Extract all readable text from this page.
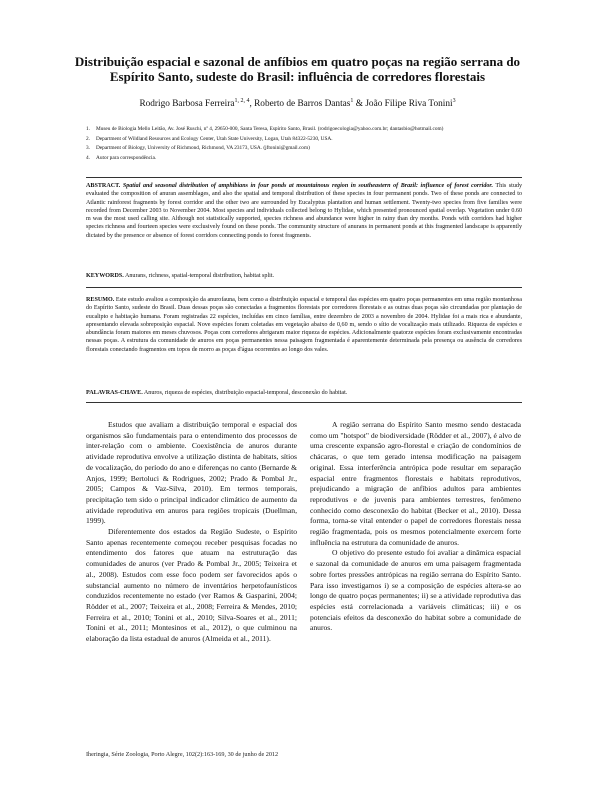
Distribuição espacial e sazonal de anfíbios em quatro poças na região serrana do Espírito Santo, sudeste do Brasil: influência de corredores florestais
Rodrigo Barbosa Ferreira$^{1, 2, 4}$, Roberto de Barros Dantas$^1$ & João Filipe Riva Tonini$^3$
1. Museu de Biologia Mello Leitão, Av. José Ruschi, nº 4, 29650-000, Santa Teresa, Espírito Santo, Brasil. (rodrigoecologia@yahoo.com.br; dantasbio@hotmail.com)
2. Department of Wildland Resources and Ecology Center, Utah State University, Logan, Utah 84322-5230, USA.
3. Department of Biology, University of Richmond, Richmond, VA 23173, USA. (jftonini@gmail.com)
4. Autor para correspondência.
ABSTRACT. Spatial and seasonal distribution of amphibians in four ponds at mountainous region in southeastern of Brazil: influence of forest corridor. This study evaluated the composition of anuran assemblages, and also the spatial and temporal distribution of these species in four permanent ponds. Two of these ponds are connected to Atlantic rainforest fragments by forest corridor and the other two are surrounded by Eucalyptus plantation and human settlement. Twenty-two species from five families were recorded from December 2003 to November 2004. Most species and individuals collected belong to Hylidae, which presented pronounced spatial overlap. Vegetation under 0.60 m was the most used calling site. Although not statistically supported, species richness and abundance were higher in rainy than dry months. Ponds with corridors had higher species richness and fourteen species were exclusively found on these ponds. The community structure of anurans in permanent ponds at this fragmented landscape is apparently dictated by the presence or absence of forest corridors connecting ponds to forest fragments.
KEYWORDS. Anurans, richness, spatial-temporal distribution, habitat split.
RESUMO. Este estudo avaliou a composição da anurofauna, bem como a distribuição espacial e temporal das espécies em quatro poças permanentes em uma região montanhosa do Espírito Santo, sudeste do Brasil. Duas dessas poças são conectadas a fragmentos florestais por corredores florestais e as outras duas poças são circundadas por plantação de eucalipto e habitação humana. Foram registradas 22 espécies, incluídas em cinco famílias, entre dezembro de 2003 a novembro de 2004. Hylidae foi a mais rica e abundante, apresentando elevada sobreposição espacial. Nove espécies foram coletadas em vegetação abaixo de 0,60 m, sendo o sítio de vocalização mais utilizado. Riqueza de espécies e abundância foram maiores em meses chuvosos. Poças com corredores abrigaram maior riqueza de espécies. Adicionalmente quatorze espécies foram exclusivamente encontradas nessas poças. A estrutura da comunidade de anuros em poças permanentes nessa paisagem fragmentada é aparentemente determinada pela presença ou ausência de corredores florestais conectando fragmentos em topos de morro as poças d'água ocorrentes ao longo dos vales.
PALAVRAS-CHAVE. Anuros, riqueza de espécies, distribuição espacial-temporal, desconexão do habitat.

Estudos que avaliam a distribuição temporal e espacial dos organismos são fundamentais para o entendimento dos processos de inter-relação com o ambiente. Coexistência de anuros durante atividade reprodutiva envolve a utilização distinta de habitats, sítios de vocalização, do período do ano e diferenças no canto (Bernarde & Anjos, 1999; Bertoluci & Rodrigues, 2002; Prado & Pombal Jr., 2005; Campos & Vaz-Silva, 2010). Em termos temporais, precipitação tem sido o principal indicador climático de aumento da atividade reprodutiva em anuros para regiões tropicais (Duellman, 1999).

Diferentemente dos estados da Região Sudeste, o Espírito Santo apenas recentemente começou receber pesquisas focadas no entendimento dos fatores que atuam na estruturação das comunidades de anuros (ver Prado & Pombal Jr., 2005; Teixeira et al., 2008). Estudos com esse foco podem ser favorecidos após o substancial aumento no número de inventários herpetofaunísticos conduzidos recentemente no estado (ver Ramos & Gasparini, 2004; Rödder et al., 2007; Teixeira et al., 2008; Ferreira & Mendes, 2010; Ferreira et al., 2010; Tonini et al., 2010; Silva-Soares et al., 2011; Tonini et al., 2011; Montesinos et al., 2012), o que culminou na elaboração da lista estadual de anuros (Almeida et al., 2011).

A região serrana do Espírito Santo mesmo sendo destacada como um "hotspot" de biodiversidade (Rödder et al., 2007), é alvo de uma crescente expansão agro-florestal e criação de condomínios de chácaras, o que tem gerado intensa modificação na paisagem original. Essa interferência antrópica pode resultar em separação espacial entre fragmentos florestais e habitats reprodutivos, prejudicando a migração de anfíbios adultos para ambientes reprodutivos e de juvenis para ambientes terrestres, fenômeno conhecido como desconexão do habitat (Becker et al., 2010). Dessa forma, torna-se vital entender o papel de corredores florestais nessa região fragmentada, pois os mesmos potencialmente exercem forte influência na estrutura da comunidade de anuros.

O objetivo do presente estudo foi avaliar a dinâmica espacial e sazonal da comunidade de anuros em uma paisagem fragmentada sobre fortes pressões antrópicas na região serrana do Espírito Santo. Para isso investigamos i) se a composição de espécies altera-se ao longo de quatro poças permanentes; ii) se a atividade reprodutiva das espécies está correlacionada a variáveis climáticas; iii) e os potenciais efeitos da desconexão do habitat sobre a comunidade de anuros.

Iheringia, Série Zoologia, Porto Alegre, 102(2):163-169, 30 de junho de 2012
